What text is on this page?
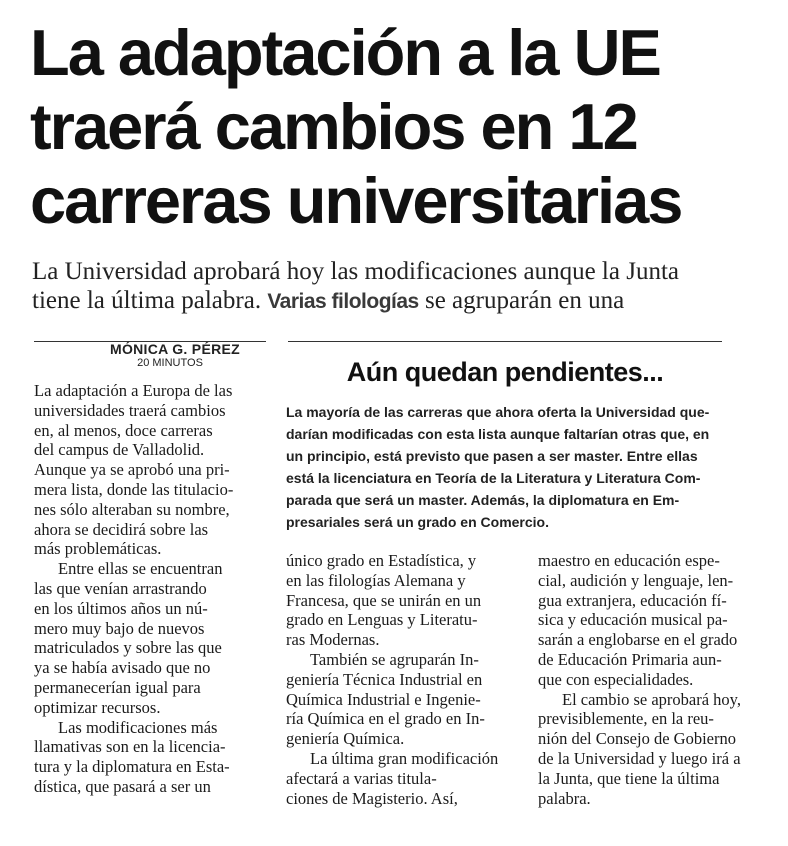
La adaptación a la UE
traerá cambios en 12
carreras universitarias
La Universidad aprobará hoy las modificaciones aunque la Junta
tiene la última palabra. Varias filologías se agruparán en una
MÓNICA G. PÉREZ
20 MINUTOS	Aún quedan pendientes...
La mayoría de las carreras que ahora oferta la Universidad que-
darían modificadas con esta lista aunque faltarían otras que, en
un principio, está previsto que pasen a ser master. Entre ellas
está la licenciatura en Teoría de la Literatura y Literatura Com-
parada que será un master. Además, la diplomatura en Em-
presariales será un grado en Comercio.
La adaptación a Europa de las
universidades traerá cambios
en, al menos, doce carreras
del campus de Valladolid.
Aunque ya se aprobó una pri-
mera lista, donde las titulacio-
nes sólo alteraban su nombre,
ahora se decidirá sobre las
más problemáticas.
Entre ellas se encuentran
las que venían arrastrando
en los últimos años un nú-
mero muy bajo de nuevos
matriculados y sobre las que
ya se había avisado que no
permanecerían igual para
optimizar recursos.
Las modificaciones más
llamativas son en la licencia-
tura y la diplomatura en Esta-
dística, que pasará a ser un
único grado en Estadística, y
en las filologías Alemana y
Francesa, que se unirán en un
grado en Lenguas y Literatu-
ras Modernas.
También se agruparán In-
geniería Técnica Industrial en
Química Industrial e Ingenie-
ría Química en el grado en In-
geniería Química.
La última gran modificación
afectará a varias titula-
ciones de Magisterio. Así,
maestro en educación espe-
cial, audición y lenguaje, len-
gua extranjera, educación fí-
sica y educación musical pa-
sarán a englobarse en el grado
de Educación Primaria aun-
que con especialidades.
El cambio se aprobará hoy,
previsiblemente, en la reu-
nión del Consejo de Gobierno
de la Universidad y luego irá a
la Junta, que tiene la última
palabra.
